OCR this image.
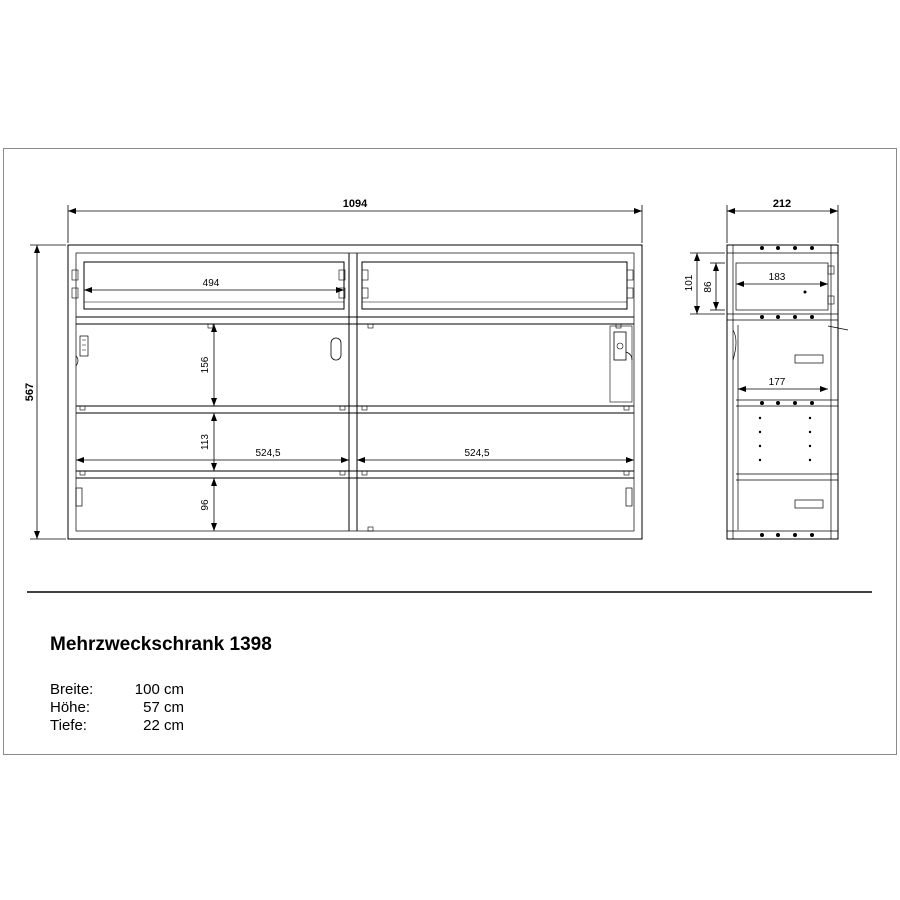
1094
567
494
156
113
96
524,5	524,5
212
101 86
183
177
Mehrzweckschrank 1398
Breite:	100 cm
Höhe:	57 cm
Tiefe:	22 cm
